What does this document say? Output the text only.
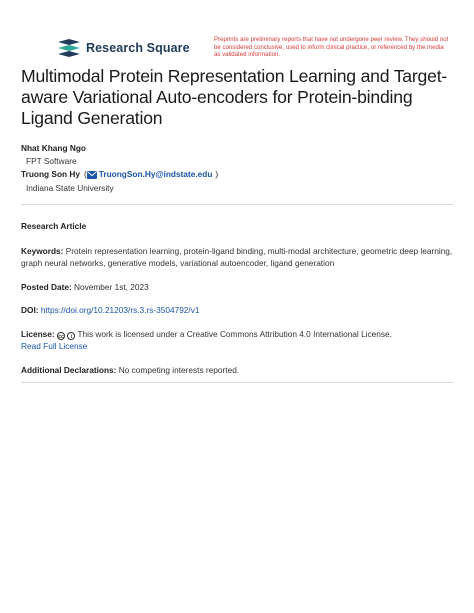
Research Square
Preprints are preliminary reports that have not undergone peer review. They should not be considered conclusive, used to inform clinical practice, or referenced by the media as validated information.
Multimodal Protein Representation Learning and Target-aware Variational Auto-encoders for Protein-binding Ligand Generation
Nhat Khang Ngo
FPT Software
Truong Son Hy ( TruongSon.Hy@indstate.edu )
Indiana State University
Research Article
Keywords: Protein representation learning, protein-ligand binding, multi-modal architecture, geometric deep learning, graph neural networks, generative models, variational autoencoder, ligand generation
Posted Date: November 1st, 2023
DOI: https://doi.org/10.21203/rs.3.rs-3504792/v1
License: cc i This work is licensed under a Creative Commons Attribution 4.0 International License.
Read Full License
Additional Declarations: No competing interests reported.
